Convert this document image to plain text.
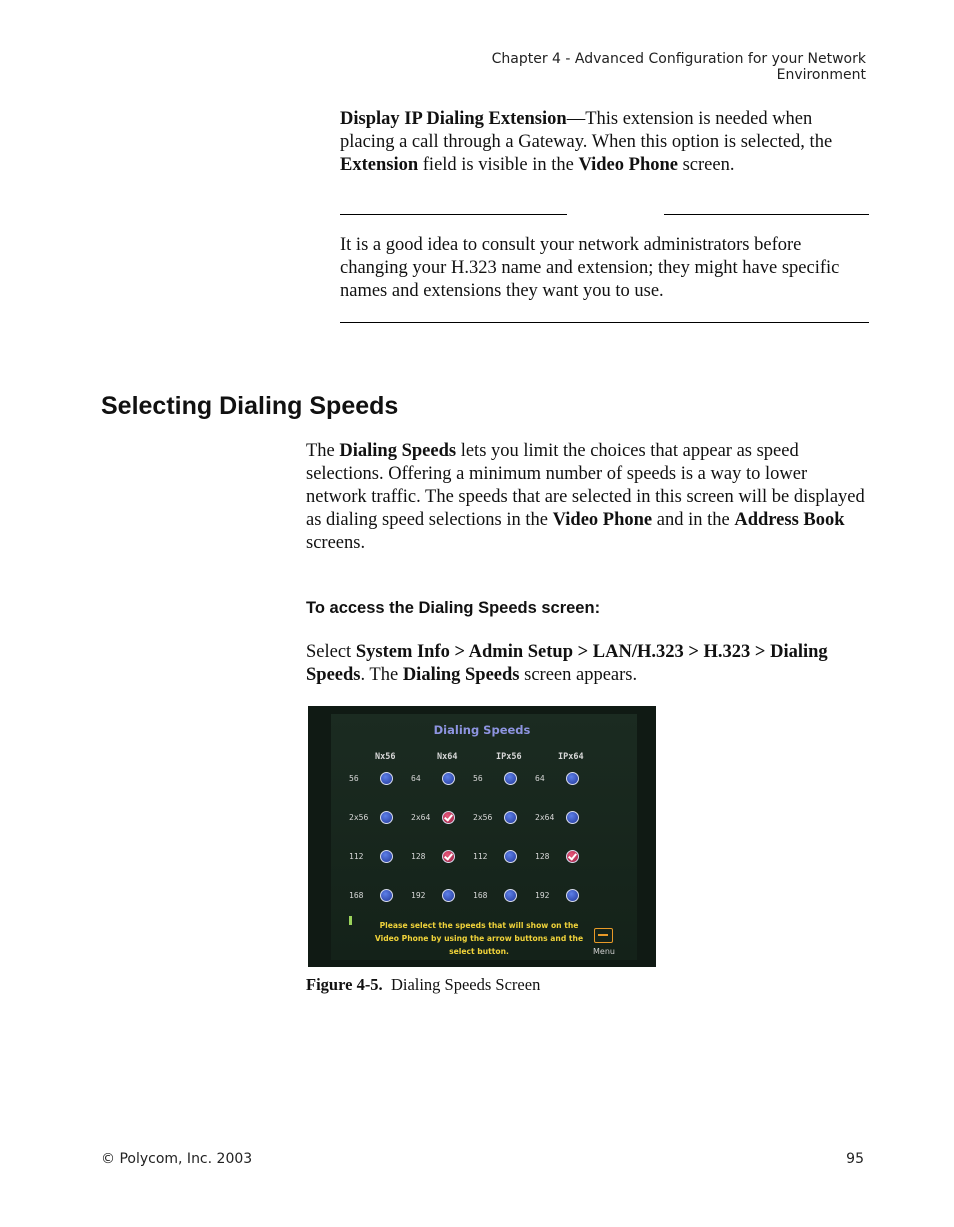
Chapter 4 - Advanced Configuration for your Network Environment
Display IP Dialing Extension—This extension is needed when placing a call through a Gateway. When this option is selected, the Extension field is visible in the Video Phone screen.
It is a good idea to consult your network administrators before changing your H.323 name and extension; they might have specific names and extensions they want you to use.
Selecting Dialing Speeds
The Dialing Speeds lets you limit the choices that appear as speed selections. Offering a minimum number of speeds is a way to lower network traffic. The speeds that are selected in this screen will be displayed as dialing speed selections in the Video Phone and in the Address Book screens.
To access the Dialing Speeds screen:
Select System Info > Admin Setup > LAN/H.323 > H.323 > Dialing Speeds. The Dialing Speeds screen appears.
Dialing Speeds
Nx56	Nx64	IPx56	IPx64
56	64	56	64
2x56	2x64	2x56	2x64
112	128	112	128
168	192	168	192
Please select the speeds that will show on the Video Phone by using the arrow buttons and the select button.	Menu
Figure 4-5. Dialing Speeds Screen
© Polycom, Inc. 2003	95
